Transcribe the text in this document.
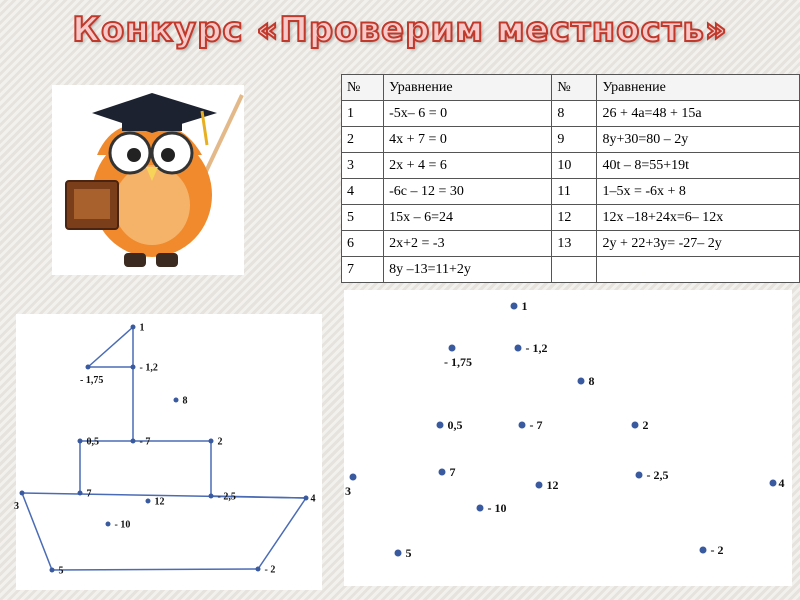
Конкурс «Проверим местность»
№	Уравнение	№	Уравнение
1	-5х– 6 = 0	8	26 + 4a=48 + 15a
2	4х + 7 = 0	9	8у+30=80 – 2у
3	2х + 4 = 6	10	40t – 8=55+19t
4	-6с – 12 = 30	11	1–5х = -6х + 8
5	15х – 6=24	12	12х –18+24х=6– 12х
6	2х+2 = -3	13	2у + 22+3у= -27– 2у
7	8у –13=11+2у		
1
- 1,2
- 1,75
8
- 7
0,5	2
7
3
- 2,5
12	4
- 10
5	- 2
1
- 1,75
- 1,2
8
0,5	- 7	2
3
7
12
- 2,5
4
- 10
5	- 2
